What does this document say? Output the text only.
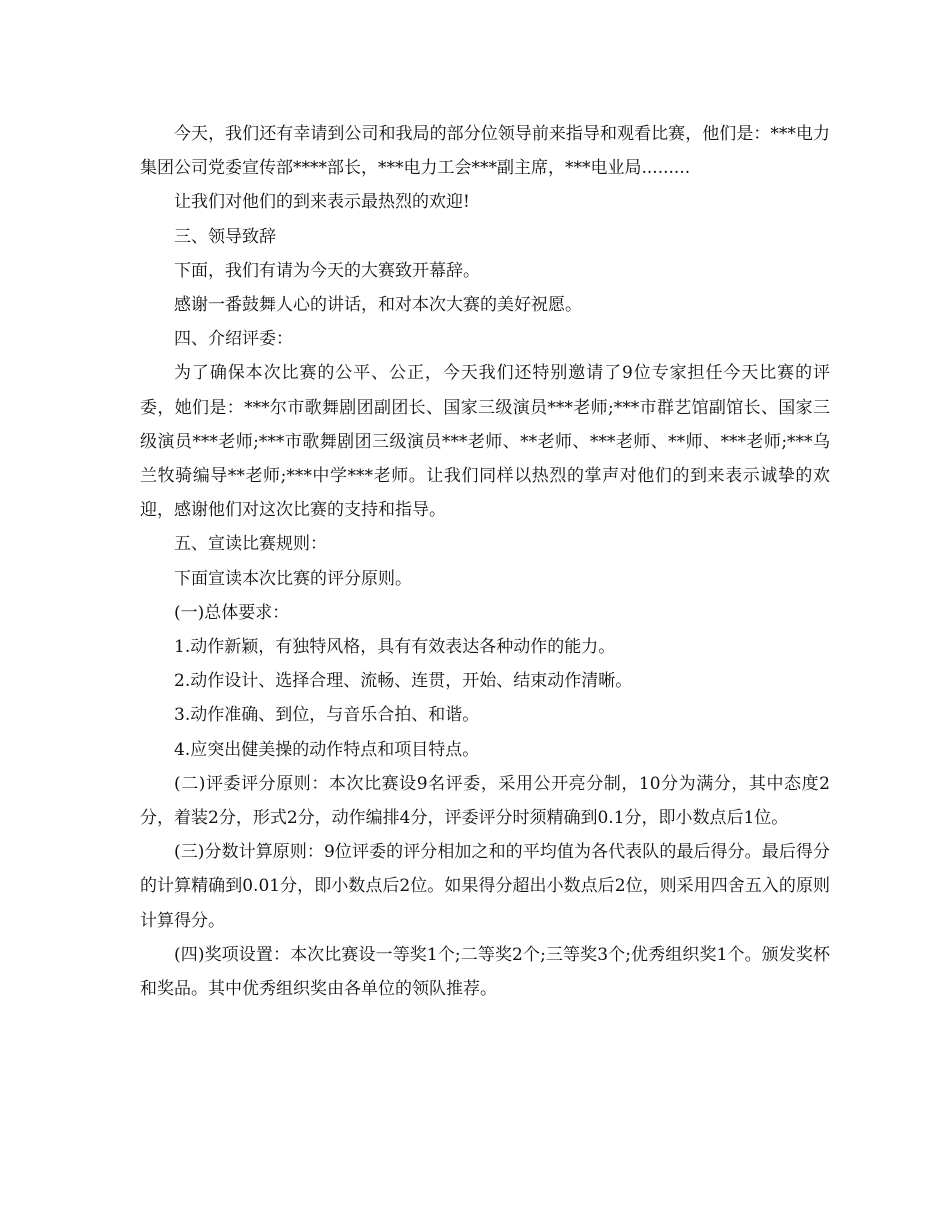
今天，我们还有幸请到公司和我局的部分位领导前来指导和观看比赛，他们是：***电力集团公司党委宣传部****部长，***电力工会***副主席，***电业局.........

让我们对他们的到来表示最热烈的欢迎!

三、领导致辞

下面，我们有请为今天的大赛致开幕辞。

感谢一番鼓舞人心的讲话，和对本次大赛的美好祝愿。

四、介绍评委：

为了确保本次比赛的公平、公正，今天我们还特别邀请了9位专家担任今天比赛的评委，她们是：***尔市歌舞剧团副团长、国家三级演员***老师;***市群艺馆副馆长、国家三级演员***老师;***市歌舞剧团三级演员***老师、**老师、***老师、**师、***老师;***乌兰牧骑编导**老师;***中学***老师。让我们同样以热烈的掌声对他们的到来表示诚挚的欢迎，感谢他们对这次比赛的支持和指导。

五、宣读比赛规则：

下面宣读本次比赛的评分原则。

(一)总体要求：

1.动作新颖，有独特风格，具有有效表达各种动作的能力。

2.动作设计、选择合理、流畅、连贯，开始、结束动作清晰。

3.动作准确、到位，与音乐合拍、和谐。

4.应突出健美操的动作特点和项目特点。

(二)评委评分原则：本次比赛设9名评委，采用公开亮分制，10分为满分，其中态度2分，着装2分，形式2分，动作编排4分，评委评分时须精确到0.1分，即小数点后1位。

(三)分数计算原则：9位评委的评分相加之和的平均值为各代表队的最后得分。最后得分的计算精确到0.01分，即小数点后2位。如果得分超出小数点后2位，则采用四舍五入的原则计算得分。

(四)奖项设置：本次比赛设一等奖1个;二等奖2个;三等奖3个;优秀组织奖1个。颁发奖杯和奖品。其中优秀组织奖由各单位的领队推荐。
